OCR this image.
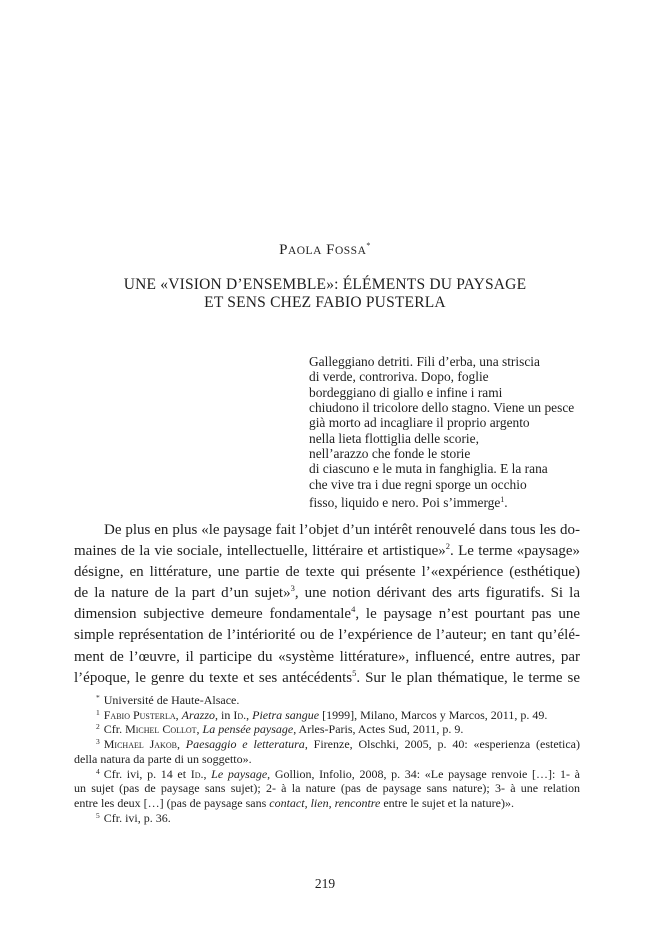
PAOLA FOSSA*
UNE «VISION D’ENSEMBLE»: ÉLÉMENTS DU PAYSAGE
ET SENS CHEZ FABIO PUSTERLA
Galleggiano detriti. Fili d’erba, una striscia
di verde, controriva. Dopo, foglie
bordeggiano di giallo e infine i rami
chiudono il tricolore dello stagno. Viene un pesce
già morto ad incagliare il proprio argento
nella lieta flottiglia delle scorie,
nell’arazzo che fonde le storie
di ciascuno e le muta in fanghiglia. E la rana
che vive tra i due regni sporge un occhio
fisso, liquido e nero. Poi s’immerge$^1$.
De plus en plus «le paysage fait l’objet d’un intérêt renouvelé dans tous les do-
maines de la vie sociale, intellectuelle, littéraire et artistique»$^2$. Le terme «paysage»
désigne, en littérature, une partie de texte qui présente l’«expérience (esthétique)
de la nature de la part d’un sujet»$^3$, une notion dérivant des arts figuratifs. Si la
dimension subjective demeure fondamentale$^4$, le paysage n’est pourtant pas une
simple représentation de l’intériorité ou de l’expérience de l’auteur; en tant qu’élé-
ment de l’œuvre, il participe du «système littérature», influencé, entre autres, par
l’époque, le genre du texte et ses antécédents$^5$. Sur le plan thématique, le terme se
* Université de Haute-Alsace.
$^1$ Fabio Pusterla, Arazzo, in Id., Pietra sangue [1999], Milano, Marcos y Marcos, 2011, p. 49.
$^2$ Cfr. Michel Collot, La pensée paysage, Arles-Paris, Actes Sud, 2011, p. 9.
$^3$ Michael Jakob, Paesaggio e letteratura, Firenze, Olschki, 2005, p. 40: «esperienza (estetica)
della natura da parte di un soggetto».
$^4$ Cfr. ivi, p. 14 et Id., Le paysage, Gollion, Infolio, 2008, p. 34: «Le paysage renvoie […]: 1- à
un sujet (pas de paysage sans sujet); 2- à la nature (pas de paysage sans nature); 3- à une relation
entre les deux […] (pas de paysage sans contact, lien, rencontre entre le sujet et la nature)».
$^5$ Cfr. ivi, p. 36.
219
